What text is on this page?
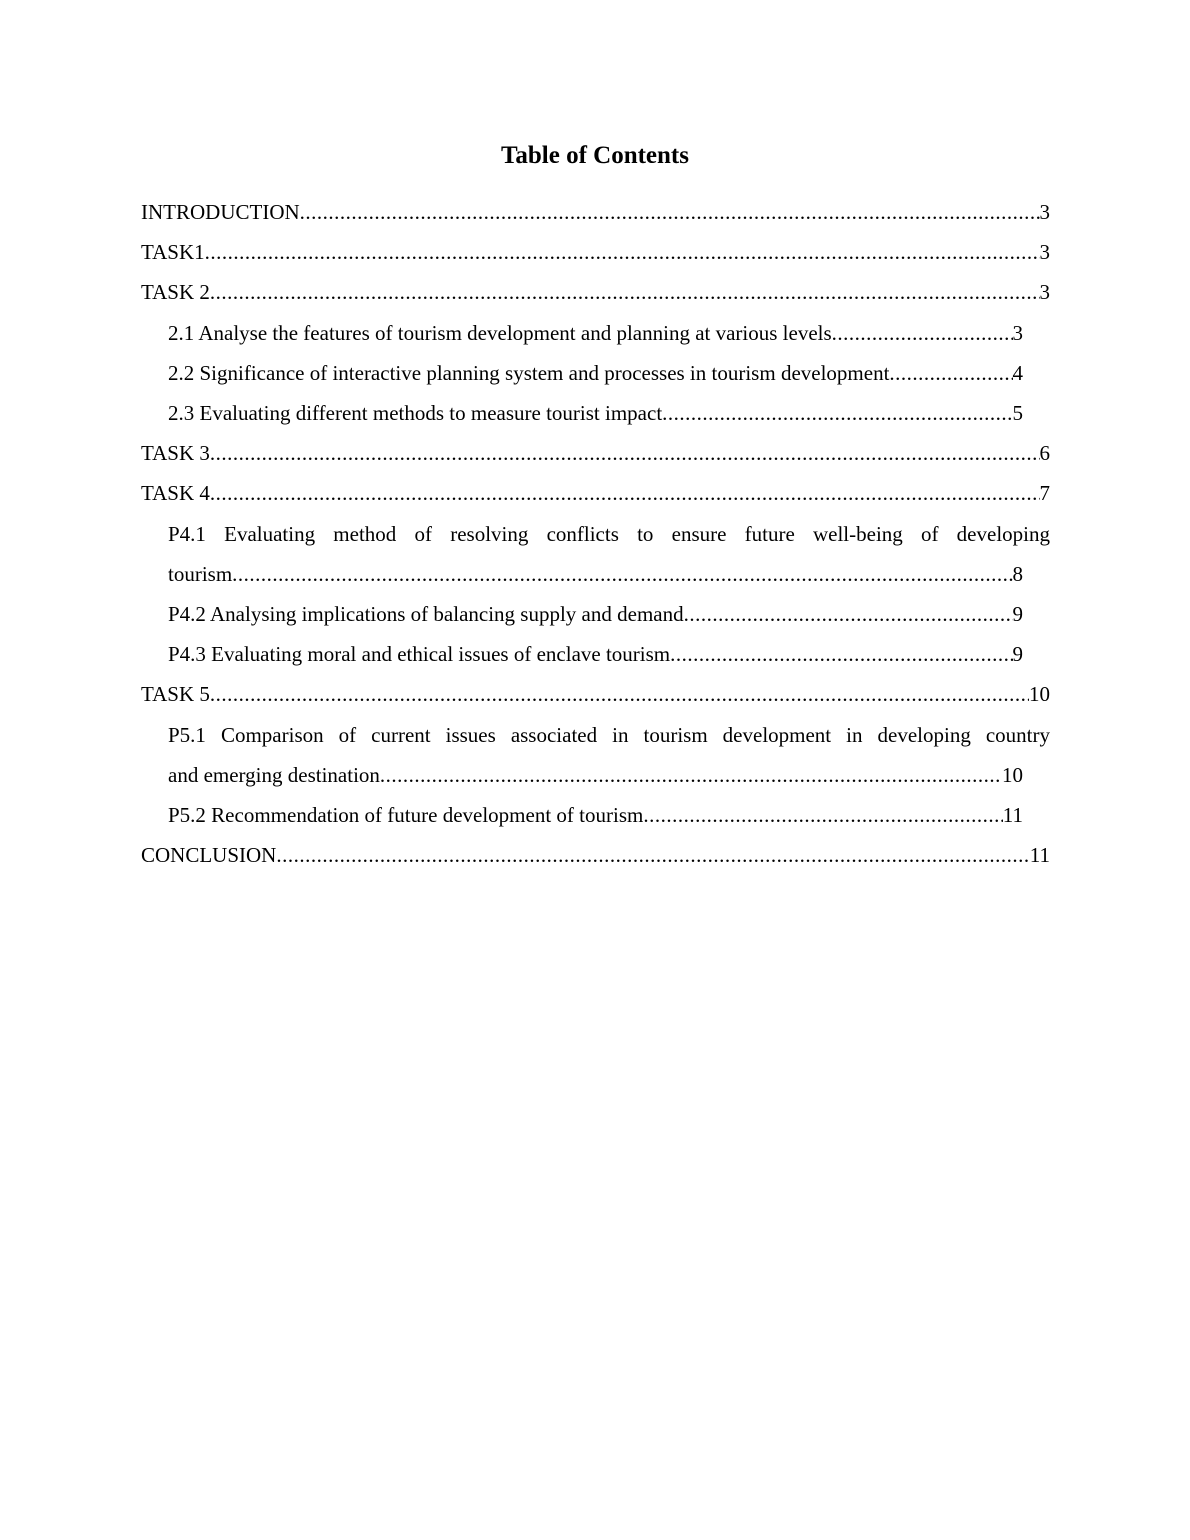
Table of Contents
INTRODUCTION .....	3
TASK1 .....	3
TASK 2 .....	3
2.1 Analyse the features of tourism development and planning at various levels .....	3
2.2 Significance of interactive planning system and processes in tourism development .....	4
2.3 Evaluating different methods to measure tourist impact .....	5
TASK 3 .....	6
TASK 4 .....	7
P4.1 Evaluating method of resolving conflicts to ensure future well-being of developing
tourism .....	8
P4.2 Analysing implications of balancing supply and demand .....	9
P4.3 Evaluating moral and ethical issues of enclave tourism .....	9
TASK 5 .....	10
P5.1 Comparison of current issues associated in tourism development in developing country
and emerging destination .....	10
P5.2 Recommendation of future development of tourism .....	11
CONCLUSION .....	11
